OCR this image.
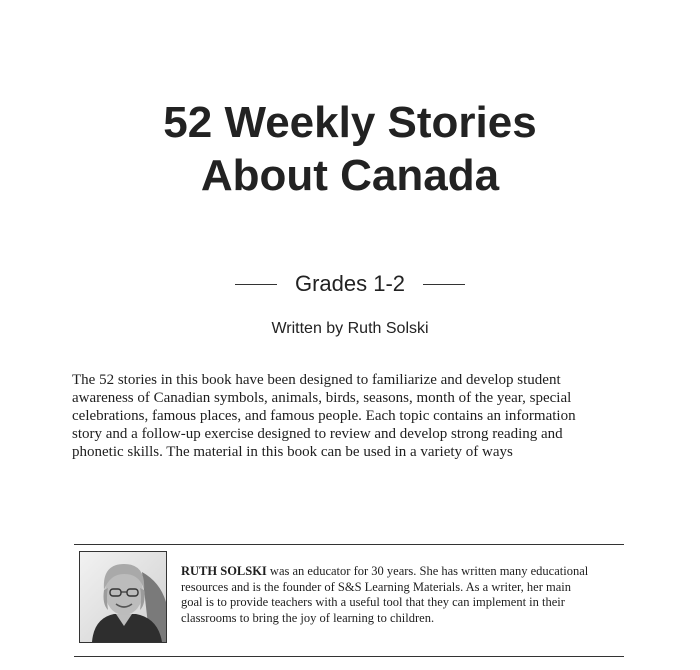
52 Weekly Stories
About Canada
Grades 1-2
Written by Ruth Solski

The 52 stories in this book have been designed to familiarize and develop student
awareness of Canadian symbols, animals, birds, seasons, month of the year, special
celebrations, famous places, and famous people. Each topic contains an information
story and a follow-up exercise designed to review and develop strong reading and
phonetic skills. The material in this book can be used in a variety of ways

RUTH SOLSKI was an educator for 30 years. She has written many educational
resources and is the founder of S&S Learning Materials. As a writer, her main
goal is to provide teachers with a useful tool that they can implement in their
classrooms to bring the joy of learning to children.
